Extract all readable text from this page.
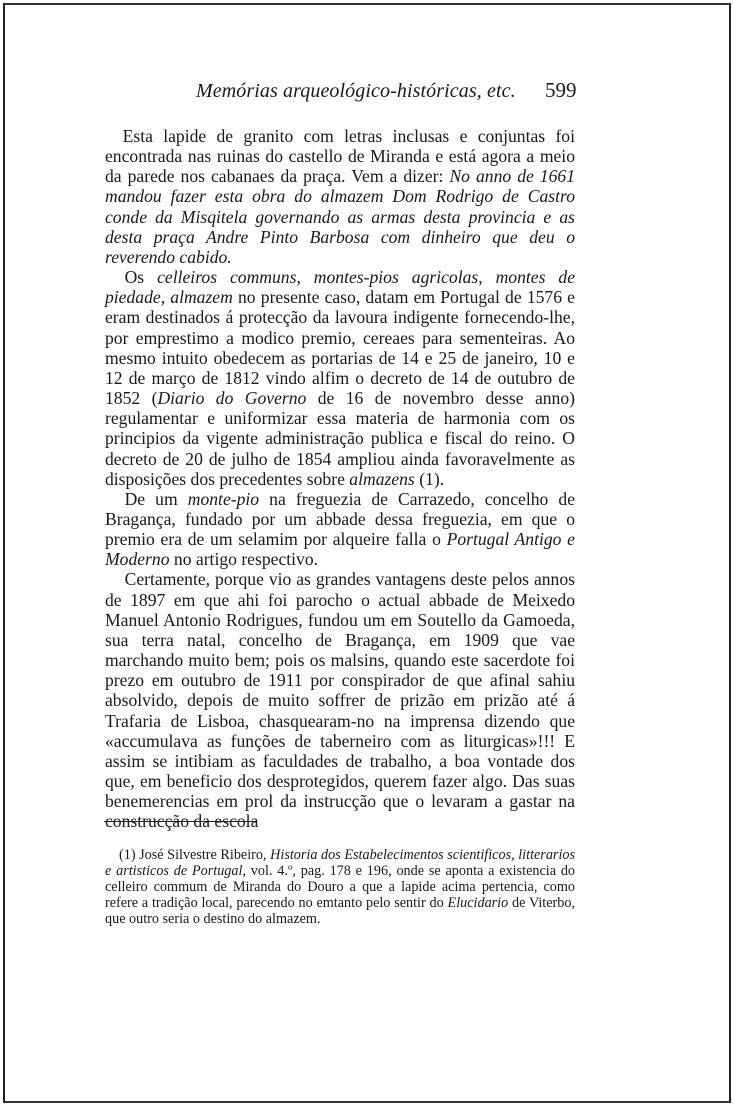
Memórias arqueológico-históricas, etc.	599

 Esta lapide de granito com letras inclusas e conjuntas foi encontrada nas ruinas do castello de Miranda e está agora a meio da parede nos cabanaes da praça. Vem a dizer: No anno de 1661 mandou fazer esta obra do almazem Dom Rodrigo de Castro conde da Misqitela governando as armas desta provincia e as desta praça Andre Pinto Barbosa com dinheiro que deu o reverendo cabido.

 Os celleiros communs, montes-pios agricolas, montes de piedade, almazem no presente caso, datam em Portugal de 1576 e eram destinados á protecção da lavoura indigente fornecendo-lhe, por emprestimo a modico premio, cereaes para sementeiras. Ao mesmo intuito obedecem as portarias de 14 e 25 de janeiro, 10 e 12 de março de 1812 vindo alfim o decreto de 14 de outubro de 1852 (Diario do Governo de 16 de novembro desse anno) regulamentar e uniformizar essa materia de harmonia com os principios da vigente administração publica e fiscal do reino. O decreto de 20 de julho de 1854 ampliou ainda favoravelmente as disposições dos precedentes sobre almazens (1).

 De um monte-pio na freguezia de Carrazedo, concelho de Bragança, fundado por um abbade dessa freguezia, em que o premio era de um selamim por alqueire falla o Portugal Antigo e Moderno no artigo respectivo.

 Certamente, porque vio as grandes vantagens deste pelos annos de 1897 em que ahi foi parocho o actual abbade de Meixedo Manuel Antonio Rodrigues, fundou um em Soutello da Gamoeda, sua terra natal, concelho de Bragança, em 1909 que vae marchando muito bem; pois os malsins, quando este sacerdote foi prezo em outubro de 1911 por conspirador de que afinal sahiu absolvido, depois de muito soffrer de prizão em prizão até á Trafaria de Lisboa, chasquearam-no na imprensa dizendo que «accumulava as funções de taberneiro com as liturgicas»!!! E assim se intibiam as faculdades de trabalho, a boa vontade dos que, em beneficio dos desprotegidos, querem fazer algo. Das suas benemerencias em prol da instrucção que o levaram a gastar na construcção da escola

(1) José Silvestre Ribeiro, Historia dos Estabelecimentos scientificos, litterarios e artisticos de Portugal, vol. 4.º, pag. 178 e 196, onde se aponta a existencia do celleiro commum de Miranda do Douro a que a lapide acima pertencia, como refere a tradição local, parecendo no emtanto pelo sentir do Elucidario de Viterbo, que outro seria o destino do almazem.
